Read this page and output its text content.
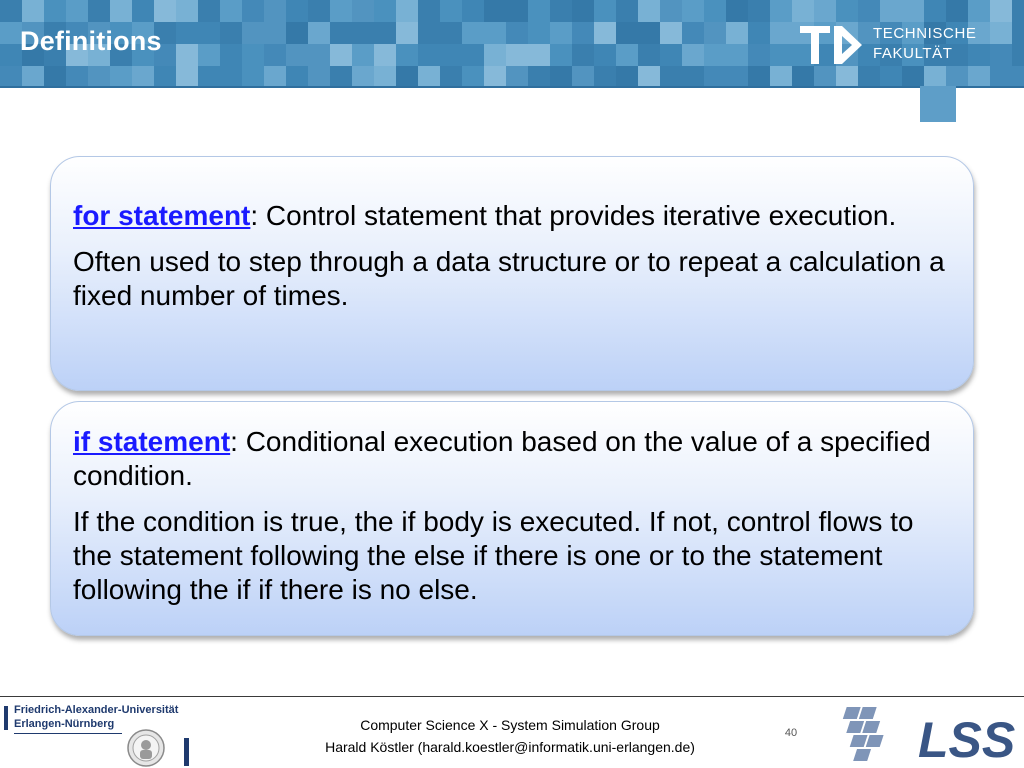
Definitions	TECHNISCHE
FAKULTÄT

for statement: Control statement that provides iterative execution.

Often used to step through a data structure or to repeat a calculation a fixed number of times.

if statement: Conditional execution based on the value of a specified condition.

If the condition is true, the if body is executed. If not, control flows to the statement following the else if there is one or to the statement following the if if there is no else.

Friedrich-Alexander-Universität
Erlangen-Nürnberg	Computer Science X - System Simulation Group
Harald Köstler (harald.koestler@informatik.uni-erlangen.de)
40 LSS
